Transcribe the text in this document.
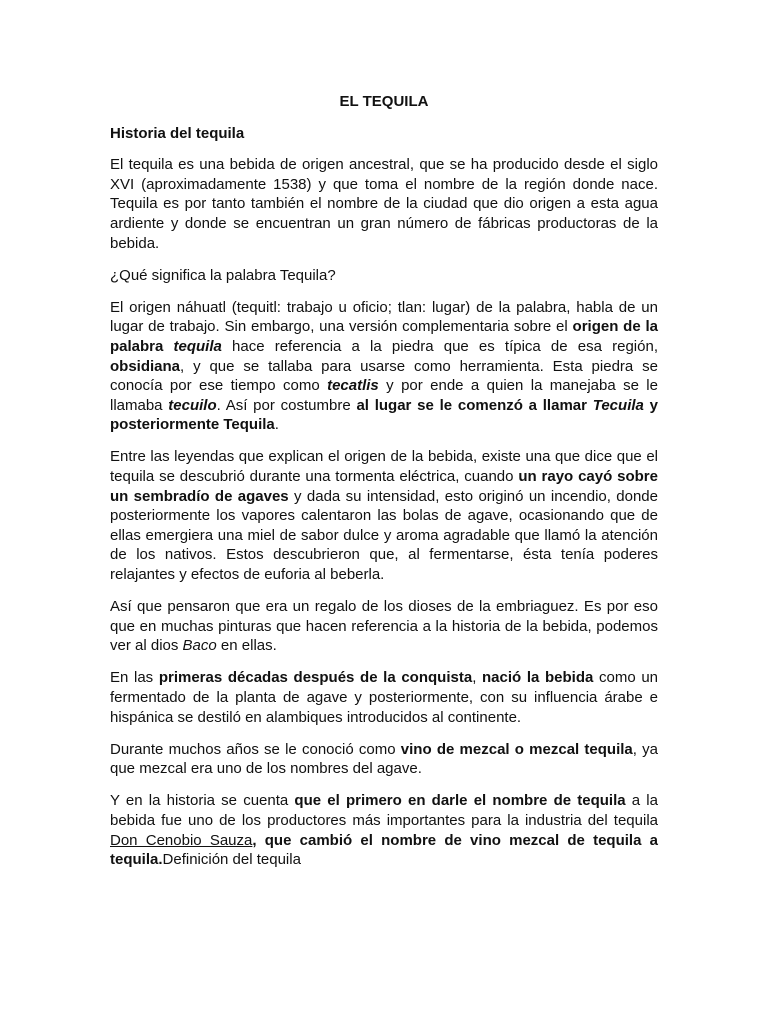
EL TEQUILA
Historia del tequila

El tequila es una bebida de origen ancestral, que se ha producido desde el siglo XVI (aproximadamente 1538) y que toma el nombre de la región donde nace. Tequila es por tanto también el nombre de la ciudad que dio origen a esta agua ardiente y donde se encuentran un gran número de fábricas productoras de la bebida.

¿Qué significa la palabra Tequila?

El origen náhuatl (tequitl: trabajo u oficio; tlan: lugar) de la palabra, habla de un lugar de trabajo. Sin embargo, una versión complementaria sobre el origen de la palabra tequila hace referencia a la piedra que es típica de esa región, obsidiana, y que se tallaba para usarse como herramienta. Esta piedra se conocía por ese tiempo como tecatlis y por ende a quien la manejaba se le llamaba tecuilo. Así por costumbre al lugar se le comenzó a llamar Tecuila y posteriormente Tequila.

Entre las leyendas que explican el origen de la bebida, existe una que dice que el tequila se descubrió durante una tormenta eléctrica, cuando un rayo cayó sobre un sembradío de agaves y dada su intensidad, esto originó un incendio, donde posteriormente los vapores calentaron las bolas de agave, ocasionando que de ellas emergiera una miel de sabor dulce y aroma agradable que llamó la atención de los nativos. Estos descubrieron que, al fermentarse, ésta tenía poderes relajantes y efectos de euforia al beberla.

Así que pensaron que era un regalo de los dioses de la embriaguez. Es por eso que en muchas pinturas que hacen referencia a la historia de la bebida, podemos ver al dios Baco en ellas.

En las primeras décadas después de la conquista, nació la bebida como un fermentado de la planta de agave y posteriormente, con su influencia árabe e hispánica se destiló en alambiques introducidos al continente.

Durante muchos años se le conoció como vino de mezcal o mezcal tequila, ya que mezcal era uno de los nombres del agave.

Y en la historia se cuenta que el primero en darle el nombre de tequila a la bebida fue uno de los productores más importantes para la industria del tequila Don Cenobio Sauza, que cambió el nombre de vino mezcal de tequila a tequila.Definición del tequila
